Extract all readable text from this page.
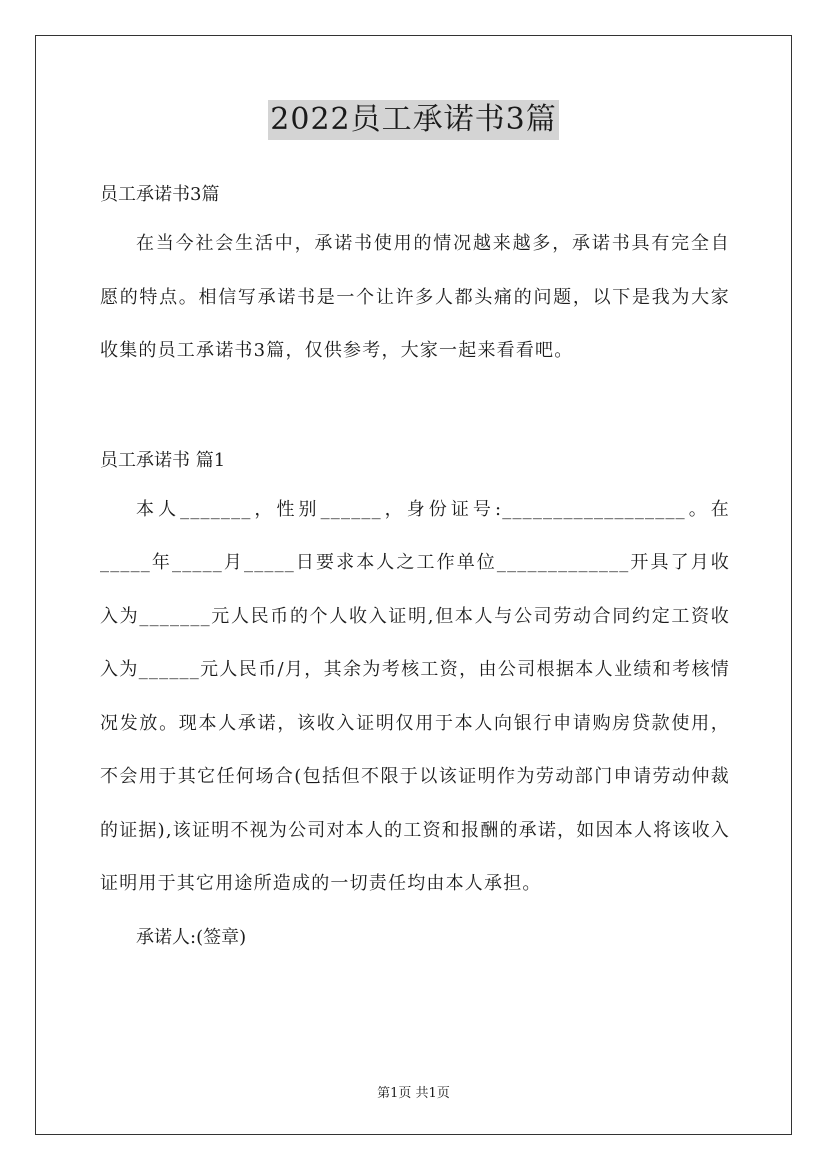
2022员工承诺书3篇
员工承诺书3篇
在当今社会生活中，承诺书使用的情况越来越多，承诺书具有完全自愿的特点。相信写承诺书是一个让许多人都头痛的问题，以下是我为大家收集的员工承诺书3篇，仅供参考，大家一起来看看吧。
员工承诺书 篇1
本人_______，性别______，身份证号:__________________。在_____年_____月_____日要求本人之工作单位_____________开具了月收入为_______元人民币的个人收入证明,但本人与公司劳动合同约定工资收入为______元人民币/月，其余为考核工资，由公司根据本人业绩和考核情况发放。现本人承诺，该收入证明仅用于本人向银行申请购房贷款使用，不会用于其它任何场合(包括但不限于以该证明作为劳动部门申请劳动仲裁的证据),该证明不视为公司对本人的工资和报酬的承诺，如因本人将该收入证明用于其它用途所造成的一切责任均由本人承担。
承诺人:(签章)
第1页 共1页
